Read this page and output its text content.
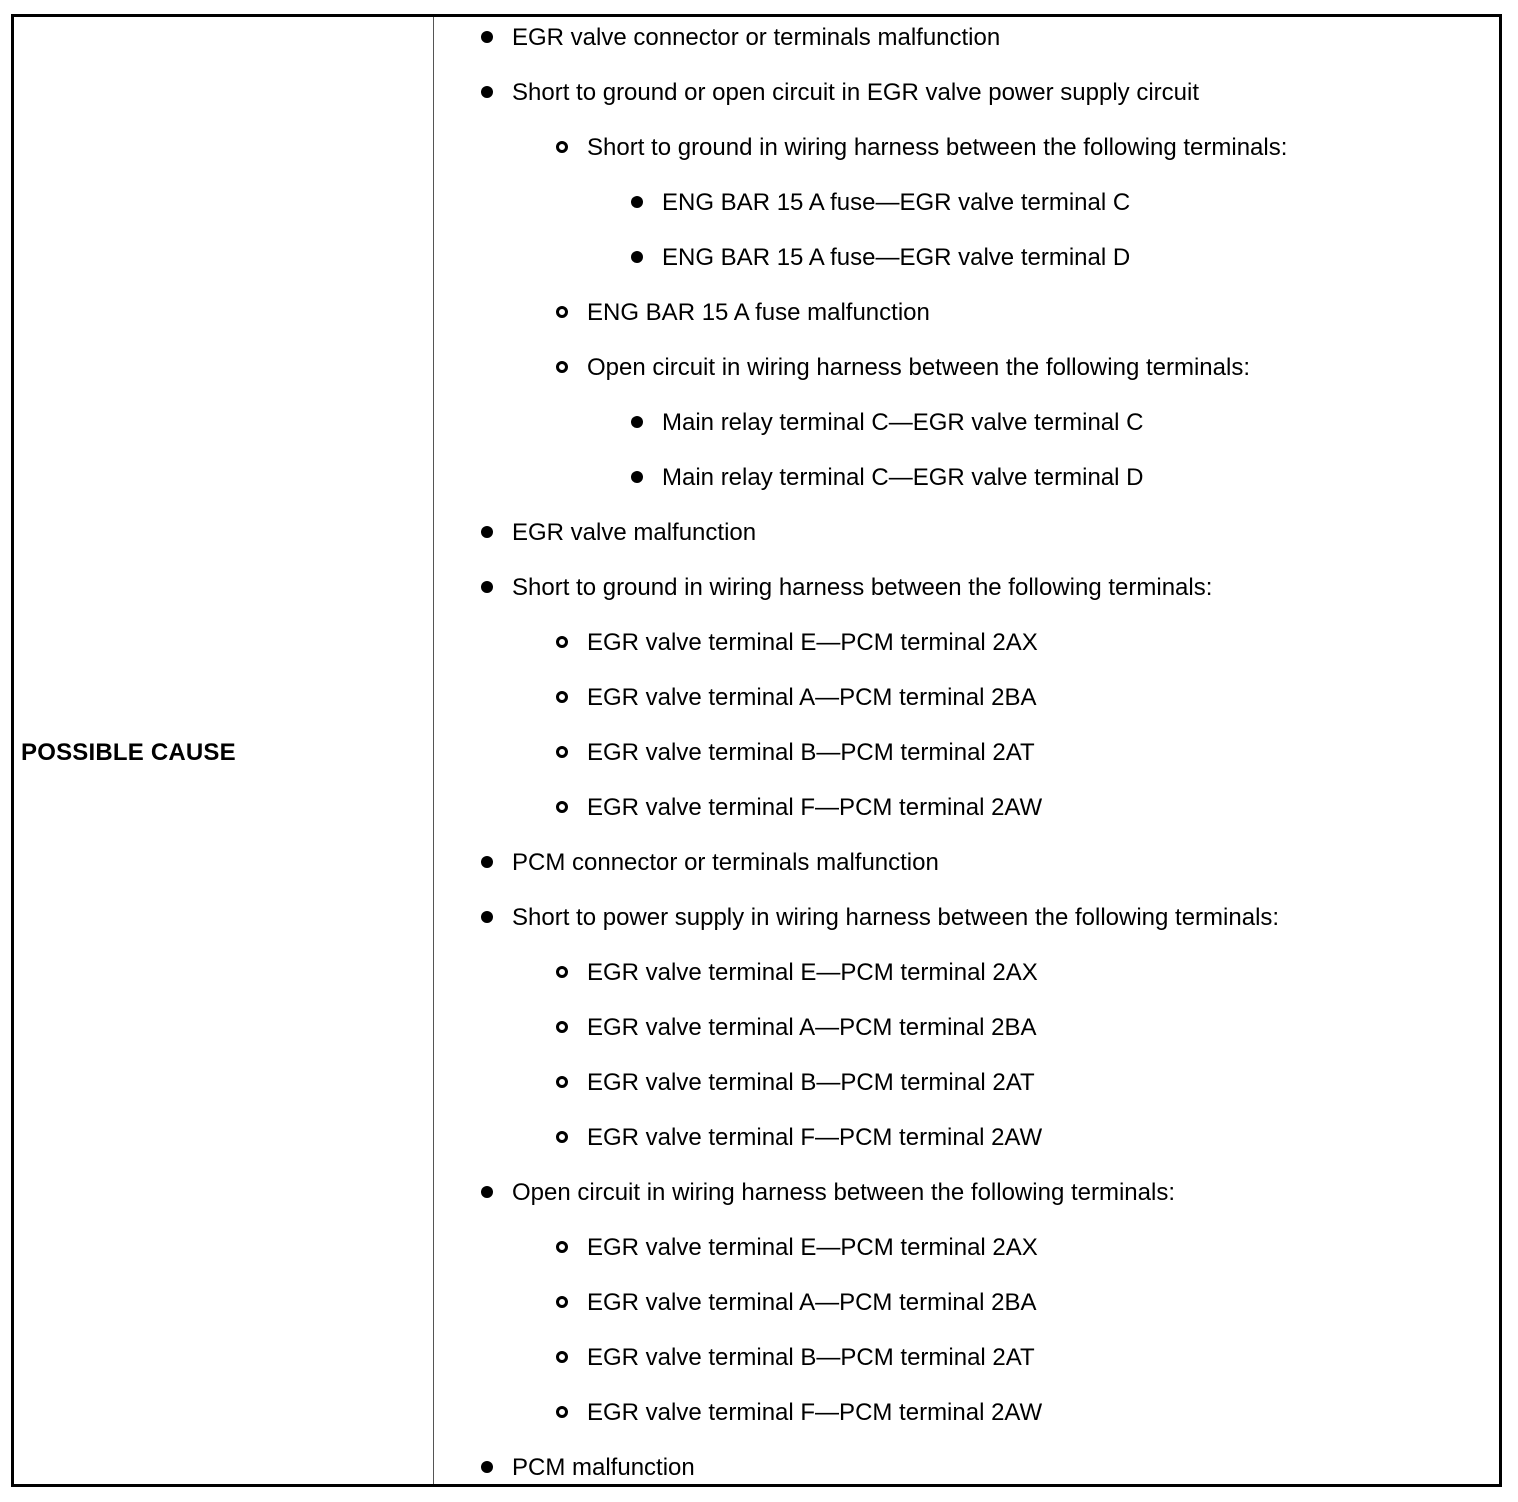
POSSIBLE CAUSE
EGR valve connector or terminals malfunction
Short to ground or open circuit in EGR valve power supply circuit
Short to ground in wiring harness between the following terminals:
ENG BAR 15 A fuse—EGR valve terminal C
ENG BAR 15 A fuse—EGR valve terminal D
ENG BAR 15 A fuse malfunction
Open circuit in wiring harness between the following terminals:
Main relay terminal C—EGR valve terminal C
Main relay terminal C—EGR valve terminal D
EGR valve malfunction
Short to ground in wiring harness between the following terminals:
EGR valve terminal E—PCM terminal 2AX
EGR valve terminal A—PCM terminal 2BA
EGR valve terminal B—PCM terminal 2AT
EGR valve terminal F—PCM terminal 2AW
PCM connector or terminals malfunction
Short to power supply in wiring harness between the following terminals:
EGR valve terminal E—PCM terminal 2AX
EGR valve terminal A—PCM terminal 2BA
EGR valve terminal B—PCM terminal 2AT
EGR valve terminal F—PCM terminal 2AW
Open circuit in wiring harness between the following terminals:
EGR valve terminal E—PCM terminal 2AX
EGR valve terminal A—PCM terminal 2BA
EGR valve terminal B—PCM terminal 2AT
EGR valve terminal F—PCM terminal 2AW
PCM malfunction
